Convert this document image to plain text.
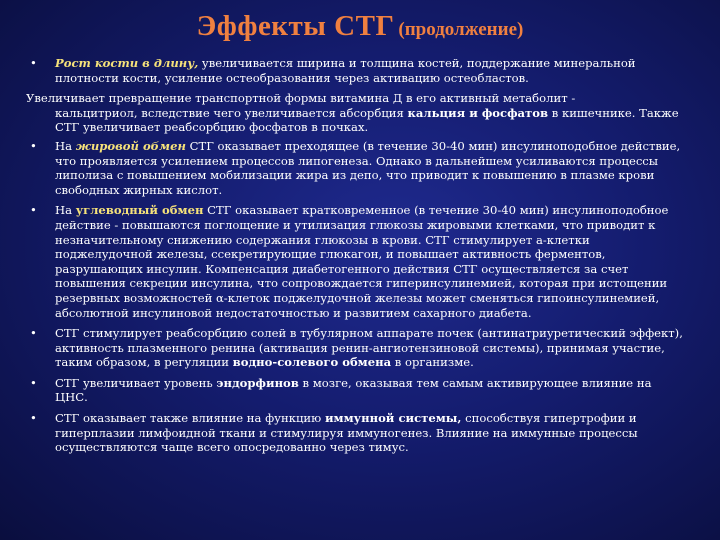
Эффекты СТГ (продолжение)
• Рост кости в длину, увеличивается ширина и толщина костей, поддержание минеральной плотности кости, усиление остеобразования через активацию остеобластов.
Увеличивает превращение транспортной формы витамина Д в его активный метаболит -
кальцитриол, вследствие чего увеличивается абсорбция кальция и фосфатов в кишечнике. Также СТГ увеличивает реабсорбцию фосфатов в почках.
• На жировой обмен СТГ оказывает преходящее (в течение 30-40 мин) инсулиноподобное действие, что проявляется усилением процессов липогенеза. Однако в дальнейшем усиливаются процессы липолиза с повышением мобилизации жира из депо, что приводит к повышению в плазме крови свободных жирных кислот.
• На углеводный обмен СТГ оказывает кратковременное (в течение 30-40 мин) инсулиноподобное действие - повышаются поглощение и утилизация глюкозы жировыми клетками, что приводит к незначительному снижению содержания глюкозы в крови. СТГ стимулирует а-клетки поджелудочной железы, ссекретирующие глюкагон, и повышает активность ферментов, разрушающих инсулин. Компенсация диабетогенного действия СТГ осуществляется за счет повышения секреции инсулина, что сопровождается гиперинсулинемией, которая при истощении резервных возможностей α-клеток поджелудочной железы может сменяться гипоинсулинемией, абсолютной инсулиновой недостаточностью и развитием сахарного диабета.
• СТГ стимулирует реабсорбцию солей в тубулярном аппарате почек (антинатриуретический эффект), активность плазменного ренина (активация ренин-ангиотензиновой системы), принимая участие, таким образом, в регуляции водно-солевого обмена в организме.
• СТГ увеличивает уровень эндорфинов в мозге, оказывая тем самым активирующее влияние на ЦНС.
• СТГ оказывает также влияние на функцию иммунной системы, способствуя гипертрофии и гиперплазии лимфоидной ткани и стимулируя иммуногенез. Влияние на иммунные процессы осуществляются чаще всего опосредованно через тимус.
